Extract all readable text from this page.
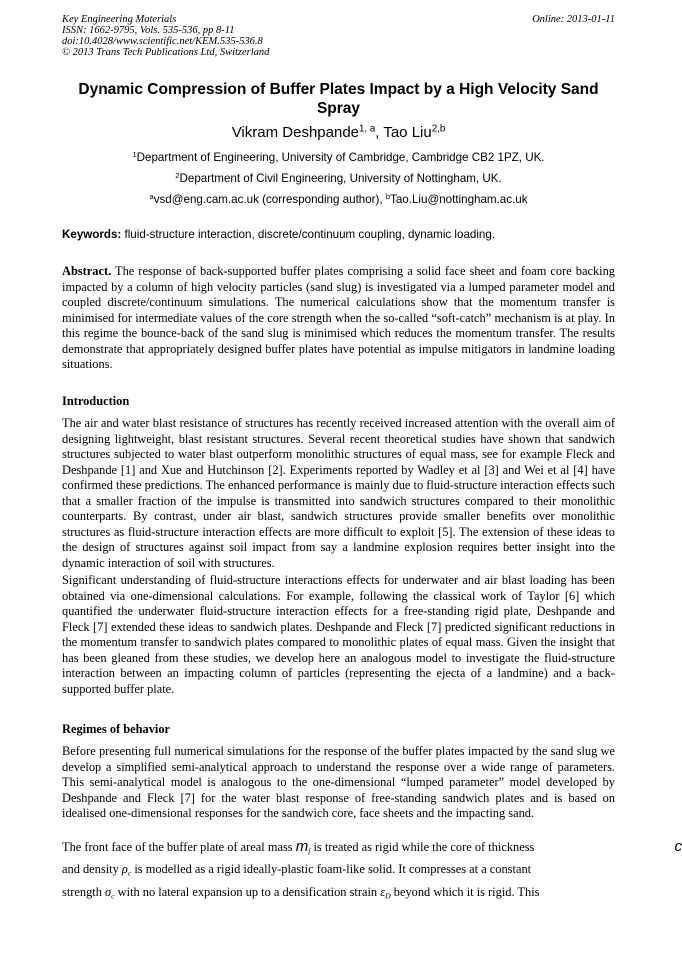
Key Engineering Materials
ISSN: 1662-9795, Vols. 535-536, pp 8-11
doi:10.4028/www.scientific.net/KEM.535-536.8
© 2013 Trans Tech Publications Ltd, Switzerland
Online: 2013-01-11
Dynamic Compression of Buffer Plates Impact by a High Velocity Sand Spray
Vikram Deshpande$^{1, a}$, Tao Liu$^{2,b}$
$^1$Department of Engineering, University of Cambridge, Cambridge CB2 1PZ, UK.
$^2$Department of Civil Engineering, University of Nottingham, UK.
$^a$vsd@eng.cam.ac.uk (corresponding author), $^b$Tao.Liu@nottingham.ac.uk
Keywords: fluid-structure interaction, discrete/continuum coupling, dynamic loading.
Abstract. The response of back-supported buffer plates comprising a solid face sheet and foam core backing impacted by a column of high velocity particles (sand slug) is investigated via a lumped parameter model and coupled discrete/continuum simulations. The numerical calculations show that the momentum transfer is minimised for intermediate values of the core strength when the so-called “soft-catch” mechanism is at play. In this regime the bounce-back of the sand slug is minimised which reduces the momentum transfer. The results demonstrate that appropriately designed buffer plates have potential as impulse mitigators in landmine loading situations.
Introduction
The air and water blast resistance of structures has recently received increased attention with the overall aim of designing lightweight, blast resistant structures. Several recent theoretical studies have shown that sandwich structures subjected to water blast outperform monolithic structures of equal mass, see for example Fleck and Deshpande [1] and Xue and Hutchinson [2]. Experiments reported by Wadley et al [3] and Wei et al [4] have confirmed these predictions. The enhanced performance is mainly due to fluid-structure interaction effects such that a smaller fraction of the impulse is transmitted into sandwich structures compared to their monolithic counterparts. By contrast, under air blast, sandwich structures provide smaller benefits over monolithic structures as fluid-structure interaction effects are more difficult to exploit [5]. The extension of these ideas to the design of structures against soil impact from say a landmine explosion requires better insight into the dynamic interaction of soil with structures.
Significant understanding of fluid-structure interactions effects for underwater and air blast loading has been obtained via one-dimensional calculations. For example, following the classical work of Taylor [6] which quantified the underwater fluid-structure interaction effects for a free-standing rigid plate, Deshpande and Fleck [7] extended these ideas to sandwich plates. Deshpande and Fleck [7] predicted significant reductions in the momentum transfer to sandwich plates compared to monolithic plates of equal mass. Given the insight that has been gleaned from these studies, we develop here an analogous model to investigate the fluid-structure interaction between an impacting column of particles (representing the ejecta of a landmine) and a back-supported buffer plate.
Regimes of behavior
Before presenting full numerical simulations for the response of the buffer plates impacted by the sand slug we develop a simplified semi-analytical approach to understand the response over a wide range of parameters. This semi-analytical model is analogous to the one-dimensional “lumped parameter” model developed by Deshpande and Fleck [7] for the water blast response of free-standing sandwich plates and is based on idealised one-dimensional responses for the sandwich core, face sheets and the impacting sand.
The front face of the buffer plate of areal mass $m_f$ is treated as rigid while the core of thickness	c
and density $\rho_c$ is modelled as a rigid ideally-plastic foam-like solid. It compresses at a constant
strength $\sigma_c$ with no lateral expansion up to a densification strain $\varepsilon_D$ beyond which it is rigid. This
